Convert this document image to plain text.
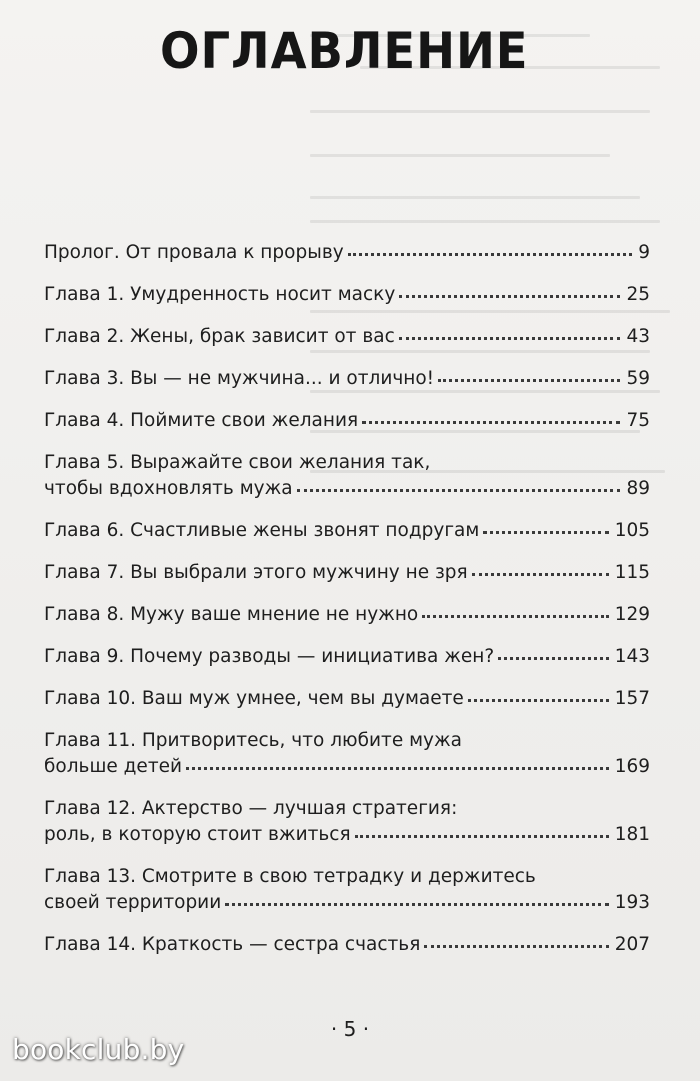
ОГЛАВЛЕНИЕ
Пролог. От провала к прорыву	9
Глава 1. Умудренность носит маску	25
Глава 2. Жены, брак зависит от вас	43
Глава 3. Вы — не мужчина... и отлично!	59
Глава 4. Поймите свои желания	75
Глава 5. Выражайте свои желания так,
чтобы вдохновлять мужа	89
Глава 6. Счастливые жены звонят подругам	105
Глава 7. Вы выбрали этого мужчину не зря	115
Глава 8. Мужу ваше мнение не нужно	129
Глава 9. Почему разводы — инициатива жен?	143
Глава 10. Ваш муж умнее, чем вы думаете	157
Глава 11. Притворитесь, что любите мужа
больше детей	169
Глава 12. Актерство — лучшая стратегия:
роль, в которую стоит вжиться	181
Глава 13. Смотрите в свою тетрадку и держитесь
своей территории	193
Глава 14. Краткость — сестра счастья	207
· 5 ·
bookclub.by
